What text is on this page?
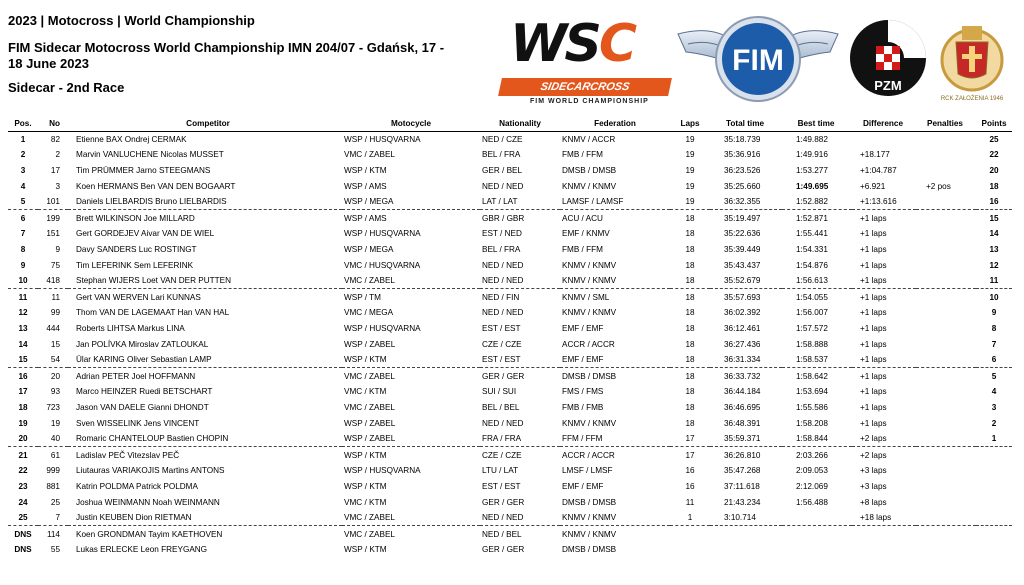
2023 | Motocross | World Championship
FIM Sidecar Motocross World Championship IMN 204/07 - Gdańsk, 17 - 18 June 2023
Sidecar - 2nd Race
WSC
SIDECARCROSS
FIM WORLD CHAMPIONSHIP
FIM
PZM
RCK ZAŁOŻENIA 1946
Pos.	No	Competitor	Motocycle	Nationality	Federation	Laps	Total time	Best time	Difference	Penalties	Points
1	82	Etienne BAX Ondrej CERMAK	WSP / HUSQVARNA	NED / CZE	KNMV / ACCR	19	35:18.739	1:49.882			25
2	2	Marvin VANLUCHENE Nicolas MUSSET	VMC / ZABEL	BEL / FRA	FMB / FFM	19	35:36.916	1:49.916	+18.177		22
3	17	Tim PRÜMMER Jarno STEEGMANS	WSP / KTM	GER / BEL	DMSB / DMSB	19	36:23.526	1:53.277	+1:04.787		20
4	3	Koen HERMANS Ben VAN DEN BOGAART	WSP / AMS	NED / NED	KNMV / KNMV	19	35:25.660	1:49.695	+6.921	+2 pos	18
5	101	Daniels LIELBARDIS Bruno LIELBARDIS	WSP / MEGA	LAT / LAT	LAMSF / LAMSF	19	36:32.355	1:52.882	+1:13.616		16
6	199	Brett WILKINSON Joe MILLARD	WSP / AMS	GBR / GBR	ACU / ACU	18	35:19.497	1:52.871	+1 laps		15
7	151	Gert GORDEJEV Aivar VAN DE WIEL	WSP / HUSQVARNA	EST / NED	EMF / KNMV	18	35:22.636	1:55.441	+1 laps		14
8	9	Davy SANDERS Luc ROSTINGT	WSP / MEGA	BEL / FRA	FMB / FFM	18	35:39.449	1:54.331	+1 laps		13
9	75	Tim LEFERINK Sem LEFERINK	VMC / HUSQVARNA	NED / NED	KNMV / KNMV	18	35:43.437	1:54.876	+1 laps		12
10	418	Stephan WIJERS Loet VAN DER PUTTEN	VMC / ZABEL	NED / NED	KNMV / KNMV	18	35:52.679	1:56.613	+1 laps		11
11	11	Gert VAN WERVEN Lari KUNNAS	WSP / TM	NED / FIN	KNMV / SML	18	35:57.693	1:54.055	+1 laps		10
12	99	Thom VAN DE LAGEMAAT Han VAN HAL	VMC / MEGA	NED / NED	KNMV / KNMV	18	36:02.392	1:56.007	+1 laps		9
13	444	Roberts LIHTSA Markus LINA	WSP / HUSQVARNA	EST / EST	EMF / EMF	18	36:12.461	1:57.572	+1 laps		8
14	15	Jan POLÍVKA Miroslav ZATLOUKAL	WSP / ZABEL	CZE / CZE	ACCR / ACCR	18	36:27.436	1:58.888	+1 laps		7
15	54	Ülar KARING Oliver Sebastian LAMP	WSP / KTM	EST / EST	EMF / EMF	18	36:31.334	1:58.537	+1 laps		6
16	20	Adrian PETER Joel HOFFMANN	VMC / ZABEL	GER / GER	DMSB / DMSB	18	36:33.732	1:58.642	+1 laps		5
17	93	Marco HEINZER Ruedi BETSCHART	VMC / KTM	SUI / SUI	FMS / FMS	18	36:44.184	1:53.694	+1 laps		4
18	723	Jason VAN DAELE Gianni DHONDT	VMC / ZABEL	BEL / BEL	FMB / FMB	18	36:46.695	1:55.586	+1 laps		3
19	19	Sven WISSELINK Jens VINCENT	WSP / ZABEL	NED / NED	KNMV / KNMV	18	36:48.391	1:58.208	+1 laps		2
20	40	Romaric CHANTELOUP Bastien CHOPIN	WSP / ZABEL	FRA / FRA	FFM / FFM	17	35:59.371	1:58.844	+2 laps		1
21	61	Ladislav PEČ Vitezslav PEČ	WSP / KTM	CZE / CZE	ACCR / ACCR	17	36:26.810	2:03.266	+2 laps		
22	999	Liutauras VARIAKOJIS Martins ANTONS	WSP / HUSQVARNA	LTU / LAT	LMSF / LMSF	16	35:47.268	2:09.053	+3 laps		
23	881	Katrin POLDMA Patrick POLDMA	WSP / KTM	EST / EST	EMF / EMF	16	37:11.618	2:12.069	+3 laps		
24	25	Joshua WEINMANN Noah WEINMANN	VMC / KTM	GER / GER	DMSB / DMSB	11	21:43.234	1:56.488	+8 laps		
25	7	Justin KEUBEN Dion RIETMAN	VMC / ZABEL	NED / NED	KNMV / KNMV	1	3:10.714		+18 laps		
DNS	114	Koen GRONDMAN Tayim KAETHOVEN	VMC / ZABEL	NED / BEL	KNMV / KNMV						
DNS	55	Lukas ERLECKE Leon FREYGANG	WSP / KTM	GER / GER	DMSB / DMSB						
